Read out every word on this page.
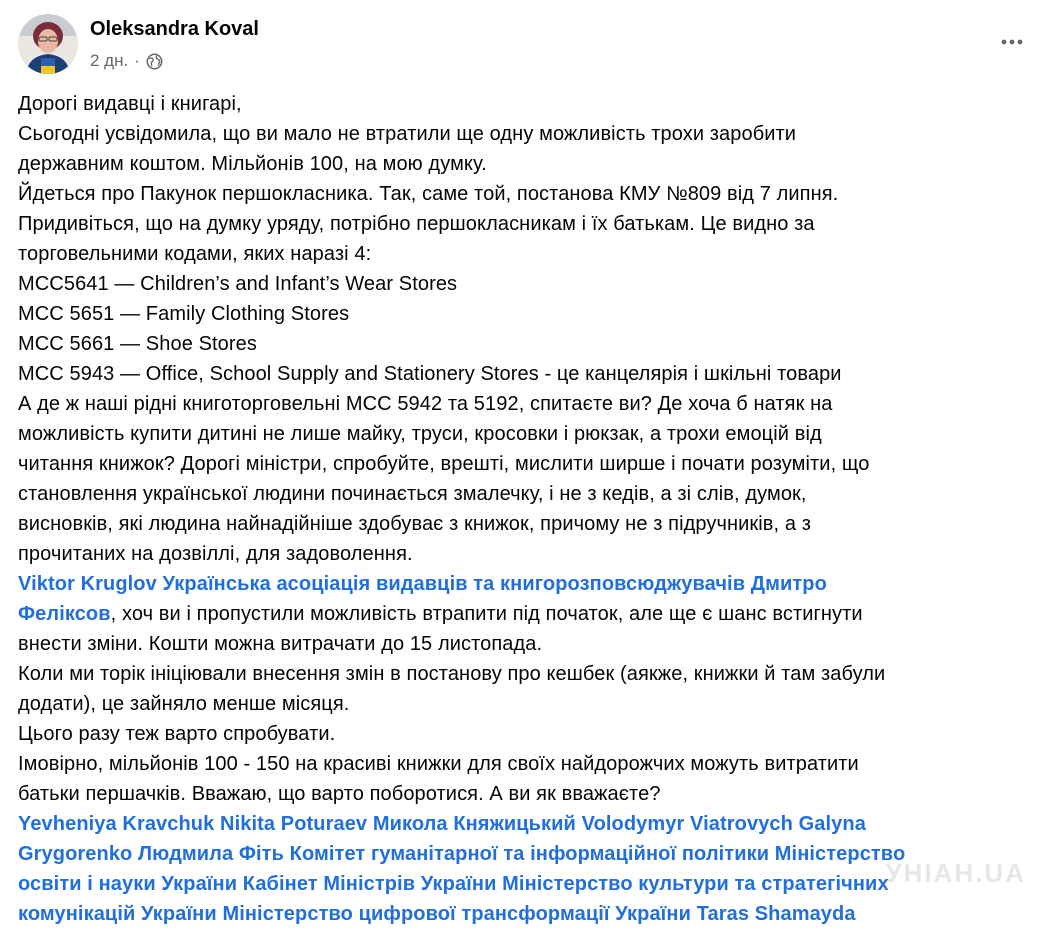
Oleksandra Koval
2 дн. ·
Дорогі видавці і книгарі,
Сьогодні усвідомила, що ви мало не втратили ще одну можливість трохи заробити
державним коштом. Мільйонів 100, на мою думку.
Йдеться про Пакунок першокласника. Так, саме той, постанова КМУ №809 від 7 липня.
Придивіться, що на думку уряду, потрібно першокласникам і їх батькам. Це видно за
торговельними кодами, яких наразі 4:
МСС5641 — Children’s and Infant’s Wear Stores
MCC 5651 — Family Clothing Stores
MCC 5661 — Shoe Stores
MCC 5943 — Office, School Supply and Stationery Stores - це канцелярія і шкільні товари
А де ж наші рідні книготорговельні МСС 5942 та 5192, спитаєте ви? Де хоча б натяк на
можливість купити дитині не лише майку, труси, кросовки і рюкзак, а трохи емоцій від
читання книжок? Дорогі міністри, спробуйте, врешті, мислити ширше і почати розуміти, що
становлення української людини починається змалечку, і не з кедів, а зі слів, думок,
висновків, які людина найнадійніше здобуває з книжок, причому не з підручників, а з
прочитаних на дозвіллі, для задоволення.
Viktor Kruglov Українська асоціація видавців та книгорозповсюджувачів Дмитро
Феліксов, хоч ви і пропустили можливість втрапити під початок, але ще є шанс встигнути
внести зміни. Кошти можна витрачати до 15 листопада.
Коли ми торік ініціювали внесення змін в постанову про кешбек (аякже, книжки й там забули
додати), це зайняло менше місяця.
Цього разу теж варто спробувати.
Імовірно, мільйонів 100 - 150 на красиві книжки для своїх найдорожчих можуть витратити
батьки першачків. Вважаю, що варто поборотися. А ви як вважаєте?
Yevheniya Kravchuk Nikita Poturaev Микола Княжицький Volodymyr Viatrovych Galyna
Grygorenko Людмила Фіть Комітет гуманітарної та інформаційної політики Міністерство
освіти і науки України Кабінет Міністрів України Міністерство культури та стратегічних
комунікацій України Міністерство цифрової трансформації України Taras Shamayda
УНІАН.UA
